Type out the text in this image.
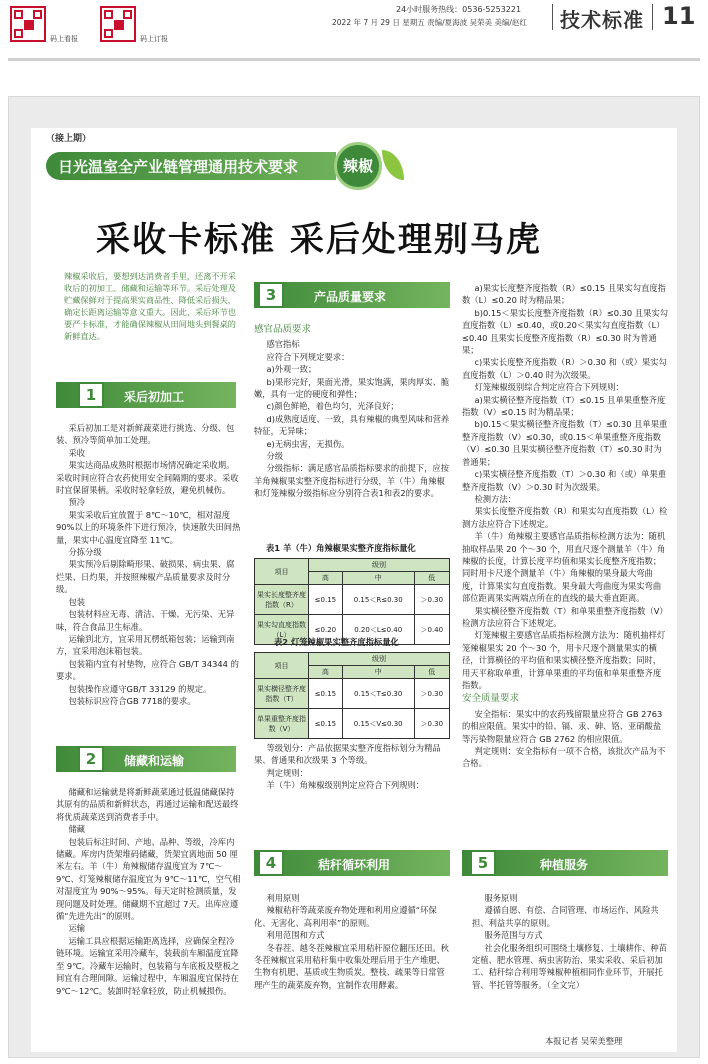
码上看报	码上订报
24小时服务热线：0536-5253221
2022 年 7 月 29 日 星期五 责编/夏海波 吴荣美 美编/赵红 技术标准 11
（接上期）
日光温室全产业链管理通用技术要求	辣椒
采收卡标准 采后处理别马虎
辣椒采收后，要想到达消费者手里，还离不开采收后的初加工、储藏和运输等环节。采后处理及贮藏保鲜对于提高果实商品性、降低采后损失，确定长距离运输等意义重大。因此，采后环节也要严卡标准，才能确保辣椒从田间地头到餐桌的新鲜直达。
1	采后初加工

采后初加工是对新鲜蔬菜进行挑选、分级、包装、预冷等简单加工处理。

采收

果实达商品成熟时根据市场情况确定采收期。采收时间应符合农药使用安全间隔期的要求。采收时宜保留果柄。采收时轻拿轻放，避免机械伤。

预冷

果实采收后宜放置于 8℃～10℃，相对湿度 90%以上的环境条件下进行预冷，快速散失田间热量，果实中心温度宜降至 11℃。

分拣分级

果实预冷后剔除畸形果、破损果、病虫果、腐烂果、日灼果，并按照辣椒产品质量要求及时分级。

包装

包装材料应无毒、清洁、干燥、无污染、无异味，符合食品卫生标准。

运输到北方，宜采用瓦楞纸箱包装；运输到南方，宜采用泡沫箱包装。

包装箱内宜有衬垫物，应符合 GB/T 34344 的要求。

包装操作应遵守GB/T 33129 的规定。

包装标识应符合GB 7718的要求。

2	储藏和运输

储藏和运输就是将新鲜蔬菜通过低温储藏保持其原有的品质和新鲜状态，再通过运输和配送最终将优质蔬菜送到消费者手中。

储藏

包装后标注时间、产地、品种、等级，冷库内储藏。库房内货架堆码储藏，货架宜离地面 50 厘米左右。羊（牛）角辣椒储存温度宜为 7℃～9℃、灯笼辣椒储存温度宜为 9℃～11℃，空气相对湿度宜为 90%～95%。每天定时检测质量，发现问题及时处理。储藏期不宜超过 7天。出库应遵循“先进先出”的原则。

运输

运输工具应根据运输距离选择，应确保全程冷链环境。运输宜采用冷藏车，装载前车厢温度宜降至 9℃。冷藏车运输时，包装箱与车底板及壁板之间宜有合理间隙。运输过程中，车厢温度宜保持在 9℃～12℃。装卸时轻拿轻放，防止机械损伤。

3	产品质量要求

感官品质要求

感官指标

应符合下列规定要求：

a)外观一致；

b)果形完好，果面光滑，果实饱满，果肉厚实、脆嫩，具有一定的硬度和弹性；

c)颜色鲜艳，着色均匀，光泽良好；

d)成熟度适度、一致，具有辣椒的典型风味和营养特征，无异味；

e)无病虫害，无损伤。

分级

分级指标：满足感官品质指标要求的前提下，应按羊角辣椒果实整齐度指标进行分级，羊（牛）角辣椒和灯笼辣椒分级指标应分别符合表1和表2的要求。

表1 羊（牛）角辣椒果实整齐度指标量化
项目	级别		
	高	中	低
果实长度整齐度指数（R）	≤0.15	0.15＜R≤0.30	＞0.30
果实勾直度指数（L）	≤0.20	0.20＜L≤0.40	＞0.40
表2 灯笼辣椒果实整齐度指标量化
项目	级别		
	高	中	低
果实横径整齐度指数（T）	≤0.15	0.15＜T≤0.30	＞0.30
单果重整齐度指数（V）	≤0.15	0.15＜V≤0.30	＞0.30

等级划分：产品依据果实整齐度指标划分为精品果、普通果和次级果 3 个等级。

判定规则：

羊（牛）角辣椒级别判定应符合下列规则：

a)果实长度整齐度指数（R）≤0.15 且果实勾直度指数（L）≤0.20 时为精品果；

b)0.15＜果实长度整齐度指数（R）≤0.30 且果实勾直度指数（L）≤0.40，或0.20＜果实勾直度指数（L）≤0.40 且果实长度整齐度指数（R）≤0.30 时为普通果；

c)果实长度整齐度指数（R）＞0.30 和（或）果实勾直度指数（L）＞0.40 时为次级果。

灯笼辣椒级别综合判定应符合下列规则：

a)果实横径整齐度指数（T）≤0.15 且单果重整齐度指数（V）≤0.15 时为精品果；

b)0.15＜果实横径整齐度指数（T）≤0.30 且单果重整齐度指数（V）≤0.30，或0.15＜单果重整齐度指数（V）≤0.30 且果实横径整齐度指数（T）≤0.30 时为普通果；

c)果实横径整齐度指数（T）＞0.30 和（或）单果重整齐度指数（V）＞0.30 时为次级果。

检测方法：

果实长度整齐度指数（R）和果实勾直度指数（L）检测方法应符合下述规定。

羊（牛）角辣椒主要感官品质指标检测方法为：随机抽取样品果 20 个～30 个，用直尺逐个测量羊（牛）角辣椒的长度，计算长度平均值和果实长度整齐度指数；同时用卡尺逐个测量羊（牛）角辣椒的果身最大弯曲度，计算果实勾直度指数。果身最大弯曲度为果实弯曲部位距离果实两端点所在的直线的最大垂直距离。

果实横径整齐度指数（T）和单果重整齐度指数（V）检测方法应符合下述规定。

灯笼辣椒主要感官品质指标检测方法为：随机抽样灯笼辣椒果实 20 个～30 个，用卡尺逐个测量果实的横径，计算横径的平均值和果实横径整齐度指数；同时，用天平称取单重，计算单果重的平均值和单果重整齐度指数。

安全质量要求

安全指标：果实中的农药残留限量应符合 GB 2763 的相应限值。果实中的铅、镉、汞、砷、铬、亚硝酸盐等污染物限量应符合 GB 2762 的相应限值。

判定规则：安全指标有一项不合格，该批次产品为不合格。

4	秸秆循环利用

利用原则

辣椒秸秆等蔬菜废弃物处理和利用应遵循“环保化、无害化、高利用率”的原则。

利用范围和方式

冬春茬、越冬茬辣椒宜采用秸秆原位翻压还田。秋冬茬辣椒宜采用秸秆集中收集处理后用于生产堆肥、生物有机肥、基质或生物质炭。整枝、疏果等日常管理产生的蔬菜废弃物，宜制作农用酵素。

5	种植服务

服务原则

遵循自愿、有偿、合同管理、市场运作、风险共担、利益共享的原则。

服务范围与方式

社会化服务组织可围绕土壤修复、土壤耕作、种苗定植、肥水管理、病虫害防治、果实采收、采后初加工、秸秆综合利用等辣椒种植相同作业环节，开展托管、半托管等服务。（全文完）

本报记者 吴荣美整理
